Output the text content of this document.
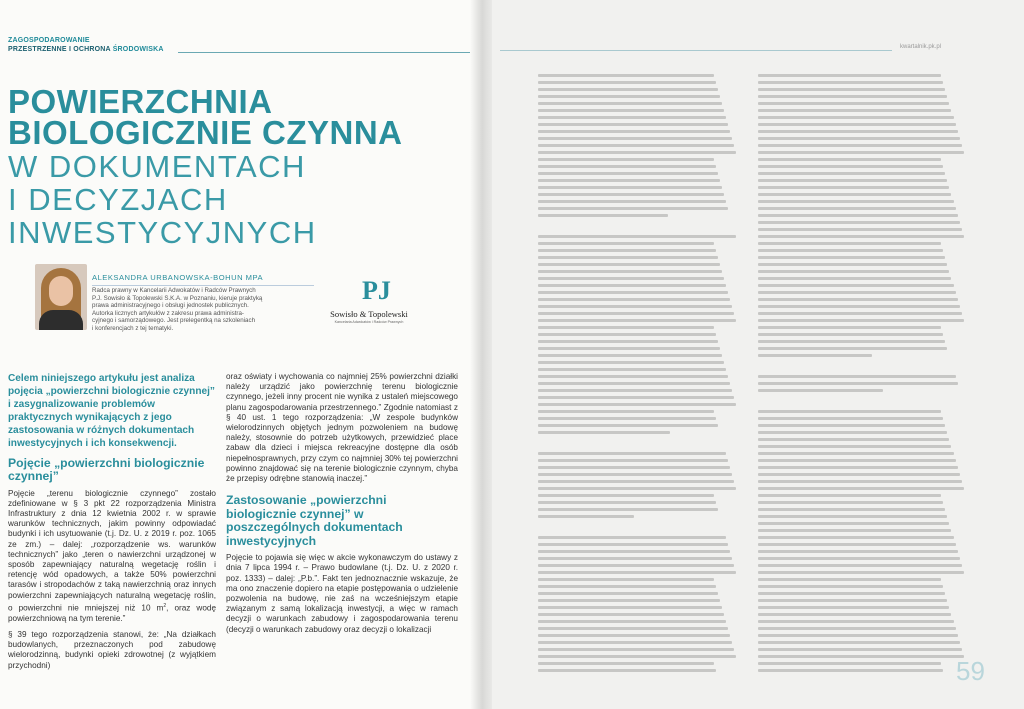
ZAGOSPODAROWANIE
PRZESTRZENNE I OCHRONA ŚRODOWISKA
POWIERZCHNIA
BIOLOGICZNIE CZYNNA
W DOKUMENTACH
I DECYZJACH
INWESTYCYJNYCH
ALEKSANDRA URBANOWSKA-BOHUN MPA
Radca prawny w Kancelarii Adwokatów i Radców Prawnych
P.J. Sowisło & Topolewski S.K.A. w Poznaniu, kieruje praktyką
prawa administracyjnego i obsługi jednostek publicznych.
Autorka licznych artykułów z zakresu prawa administra-
cyjnego i samorządowego. Jest prelegentką na szkoleniach
i konferencjach z tej tematyki.
PJ
Sowisło & Topolewski
Kancelaria Adwokatów i Radców Prawnych

Celem niniejszego artykułu jest analiza pojęcia „powierzchni biologicznie czynnej” i zasygnalizowanie problemów praktycznych wynikających z jego zastosowania w różnych dokumentach inwestycyjnych i ich konsekwencji.

Pojęcie „powierzchni biologicznie czynnej”

Pojęcie „terenu biologicznie czynnego” zostało zdefiniowane w § 3 pkt 22 rozporządzenia Ministra Infrastruktury z dnia 12 kwietnia 2002 r. w sprawie warunków technicznych, jakim powinny odpowiadać budynki i ich usytuowanie (t.j. Dz. U. z 2019 r. poz. 1065 ze zm.) – dalej: „rozporządzenie ws. warunków technicznych” jako „teren o nawierzchni urządzonej w sposób zapewniający naturalną wegetację roślin i retencję wód opadowych, a także 50% powierzchni tarasów i stropodachów z taką nawierzchnią oraz innych powierzchni zapewniających naturalną wegetację roślin, o powierzchni nie mniejszej niż 10 $m^2$, oraz wodę powierzchniową na tym terenie.”

§ 39 tego rozporządzenia stanowi, że: „Na działkach budowlanych, przeznaczonych pod zabudowę wielorodzinną, budynki opieki zdrowotnej (z wyjątkiem przychodni)

oraz oświaty i wychowania co najmniej 25% powierzchni działki należy urządzić jako powierzchnię terenu biologicznie czynnego, jeżeli inny procent nie wynika z ustaleń miejscowego planu zagospodarowania przestrzennego.” Zgodnie natomiast z § 40 ust. 1 tego rozporządzenia: „W zespole budynków wielorodzinnych objętych jednym pozwoleniem na budowę należy, stosownie do potrzeb użytkowych, przewidzieć place zabaw dla dzieci i miejsca rekreacyjne dostępne dla osób niepełnosprawnych, przy czym co najmniej 30% tej powierzchni powinno znajdować się na terenie biologicznie czynnym, chyba że przepisy odrębne stanowią inaczej.”

Zastosowanie „powierzchni biologicznie czynnej” w poszczególnych dokumentach inwestycyjnych

Pojęcie to pojawia się więc w akcie wykonawczym do ustawy z dnia 7 lipca 1994 r. – Prawo budowlane (t.j. Dz. U. z 2020 r. poz. 1333) – dalej: „P.b.”. Fakt ten jednoznacznie wskazuje, że ma ono znaczenie dopiero na etapie postępowania o udzielenie pozwolenia na budowę, nie zaś na wcześniejszym etapie związanym z samą lokalizacją inwestycji, a więc w ramach decyzji o warunkach zabudowy i zagospodarowania terenu (decyzji o warunkach zabudowy oraz decyzji o lokalizacji

kwartalnik.pk.pl
59
